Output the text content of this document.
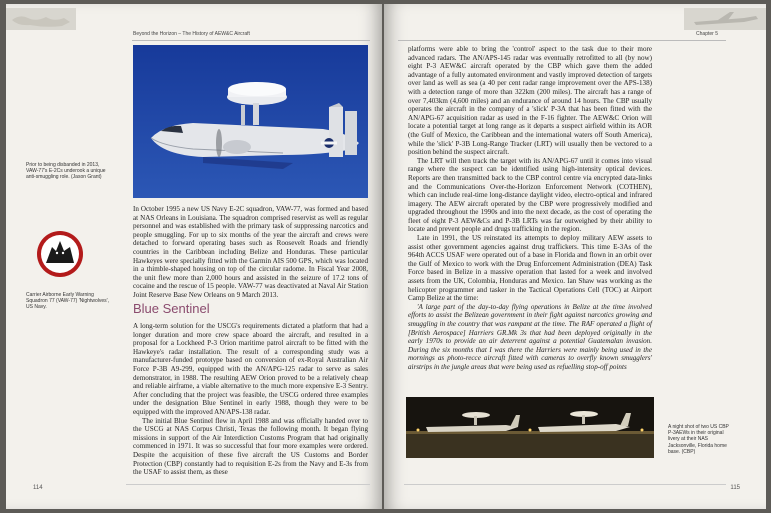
Beyond the Horizon – The History of AEW&C Aircraft
Prior to being disbanded in 2013, VAW-77's E-2Cs underook a unique anti-smuggling role. (Jason Grant)
Carrier Airborne Early Warning Squadron 77 (VAW-77) 'Nightwolves', US Navy.

In October 1995 a new US Navy E-2C squadron, VAW-77, was formed and based at NAS Orleans in Louisiana. The squadron comprised reservist as well as regular personnel and was established with the primary task of suppressing narcotics and people smuggling. For up to six months of the year the aircraft and crews were detached to forward operating bases such as Roosevelt Roads and friendly countries in the Caribbean including Belize and Honduras. These particular Hawkeyes were specially fitted with the Garmin AIS 500 GPS, which was located in a thimble-shaped housing on top of the circular radome. In Fiscal Year 2008, the unit flew more than 2,000 hours and assisted in the seizure of 17.2 tons of cocaine and the rescue of 15 people. VAW-77 was deactivated at Naval Air Station Joint Reserve Base New Orleans on 9 March 2013.

Blue Sentinel

A long-term solution for the USCG's requirements dictated a platform that had a longer duration and more crew space aboard the aircraft, and resulted in a proposal for a Lockheed P-3 Orion maritime patrol aircraft to be fitted with the Hawkeye's radar installation. The result of a corresponding study was a manufacturer-funded prototype based on conversion of ex-Royal Australian Air Force P-3B A9-299, equipped with the AN/APG-125 radar to serve as sales demonstrator, in 1988. The resulting AEW Orion proved to be a relatively cheap and reliable airframe, a viable alternative to the much more expensive E-3 Sentry. After concluding that the project was feasible, the USCG ordered three examples under the designation Blue Sentinel in early 1988, though they were to be equipped with the improved AN/APS-138 radar.

The initial Blue Sentinel flew in April 1988 and was officially handed over to the USCG at NAS Corpus Christi, Texas the following month. It began flying missions in support of the Air Interdiction Customs Program that had originally commenced in 1971. It was so successful that four more examples were ordered. Despite the acquisition of these five aircraft the US Customs and Border Protection (CBP) constantly had to requisition E-2s from the Navy and E-3s from the USAF to assist them, as these

114
Chapter 5

platforms were able to bring the 'control' aspect to the task due to their more advanced radars. The AN/APS-145 radar was eventually retrofitted to all (by now) eight P-3 AEW&C aircraft operated by the CBP which gave them the added advantage of a fully automated environment and vastly improved detection of targets over land as well as sea (a 40 per cent radar range improvement over the APS-138) with a detection range of more than 322km (200 miles). The aircraft has a range of over 7,403km (4,600 miles) and an endurance of around 14 hours. The CBP usually operates the aircraft in the company of a 'slick' P-3A that has been fitted with the AN/APG-67 acquisition radar as used in the F-16 fighter. The AEW&C Orion will locate a potential target at long range as it departs a suspect airfield within its AOR (the Gulf of Mexico, the Caribbean and the international waters off South America), while the 'slick' P-3B Long-Range Tracker (LRT) will usually then be vectored to a position behind the suspect aircraft.

The LRT will then track the target with its AN/APG-67 until it comes into visual range where the suspect can be identified using high-intensity optical devices. Reports are then transmitted back to the CBP control centre via encrypted data-links and the Communications Over-the-Horizon Enforcement Network (COTHEN), which can include real-time long-distance daylight video, electro-optical and infrared imagery. The AEW aircraft operated by the CBP were progressively modified and upgraded throughout the 1990s and into the next decade, as the cost of operating the fleet of eight P-3 AEW&Cs and P-3B LRTs was far outweighed by their ability to locate and prevent people and drugs trafficking in the region.

Late in 1991, the US reinstated its attempts to deploy military AEW assets to assist other government agencies against drug traffickers. This time E-3As of the 964th ACCS USAF were operated out of a base in Florida and flown in an orbit over the Gulf of Mexico to work with the Drug Enforcement Administration (DEA) Task Force based in Belize in a massive operation that lasted for a week and involved assets from the UK, Colombia, Honduras and Mexico. Ian Shaw was working as the helicopter programmer and tasker in the Tactical Operations Cell (TOC) at Airport Camp Belize at the time:

'A large part of the day-to-day flying operations in Belize at the time involved efforts to assist the Belizean government in their fight against narcotics growing and smuggling in the country that was rampant at the time. The RAF operated a flight of [British Aerospace] Harriers GR.Mk 3s that had been deployed originally in the early 1970s to provide an air deterrent against a potential Guatemalan invasion. During the six months that I was there the Harriers were mainly being used in the mornings as photo-recce aircraft fitted with cameras to overfly known smugglers' airstrips in the jungle areas that were being used as refuelling stop-off points

A night shot of two US CBP P-3AEWs in their original livery at their NAS Jacksonville, Florida home base. (CBP)
115
